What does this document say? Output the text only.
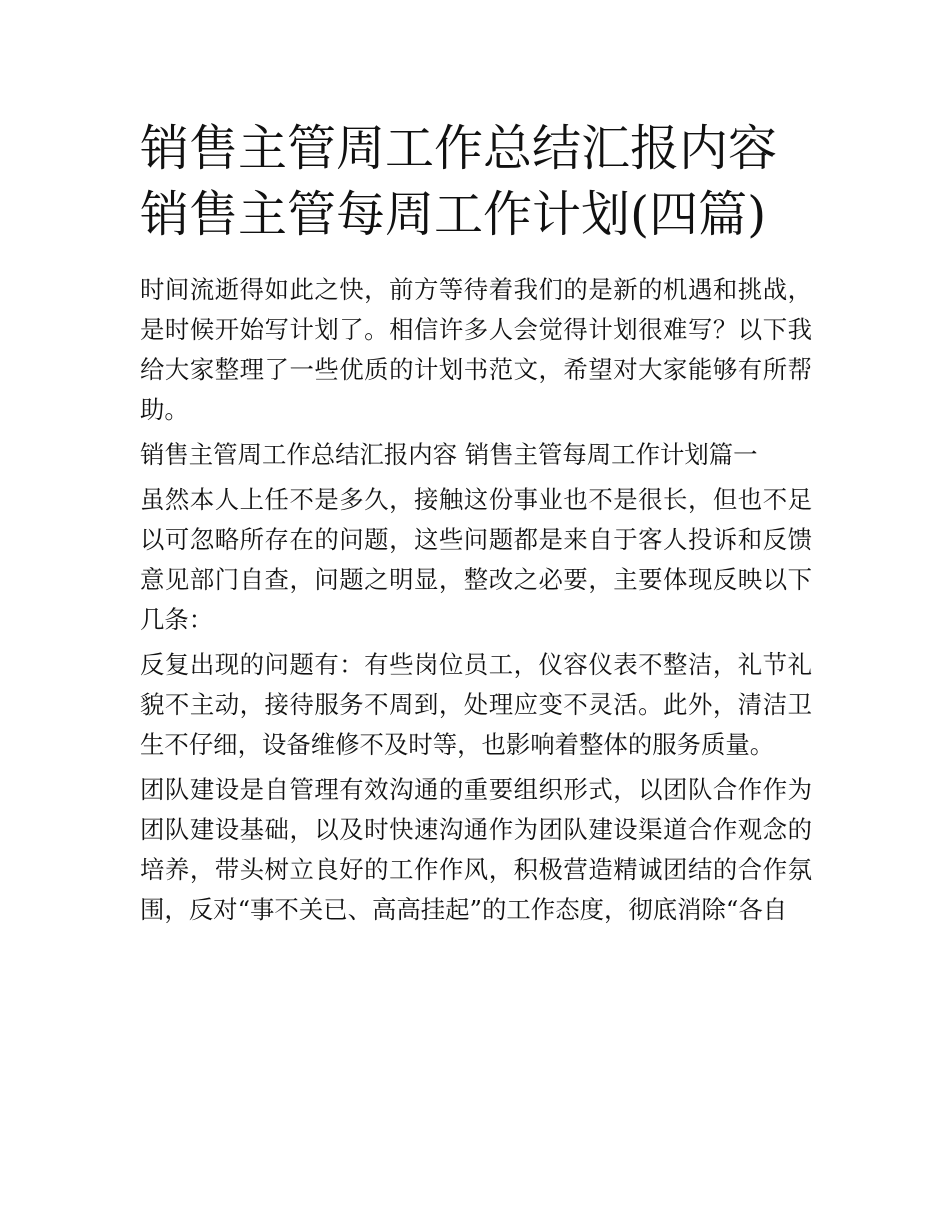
销售主管周工作总结汇报内容
销售主管每周工作计划(四篇)

时间流逝得如此之快，前方等待着我们的是新的机遇和挑战，是时候开始写计划了。相信许多人会觉得计划很难写？以下我给大家整理了一些优质的计划书范文，希望对大家能够有所帮助。

销售主管周工作总结汇报内容 销售主管每周工作计划篇一

虽然本人上任不是多久，接触这份事业也不是很长，但也不足以可忽略所存在的问题，这些问题都是来自于客人投诉和反馈意见部门自查，问题之明显，整改之必要，主要体现反映以下几条：

反复出现的问题有：有些岗位员工，仪容仪表不整洁，礼节礼貌不主动，接待服务不周到，处理应变不灵活。此外，清洁卫生不仔细，设备维修不及时等，也影响着整体的服务质量。

团队建设是自管理有效沟通的重要组织形式，以团队合作作为团队建设基础，以及时快速沟通作为团队建设渠道合作观念的培养，带头树立良好的工作作风，积极营造精诚团结的合作氛围，反对“事不关已、高高挂起”的工作态度，彻底消除“各自
